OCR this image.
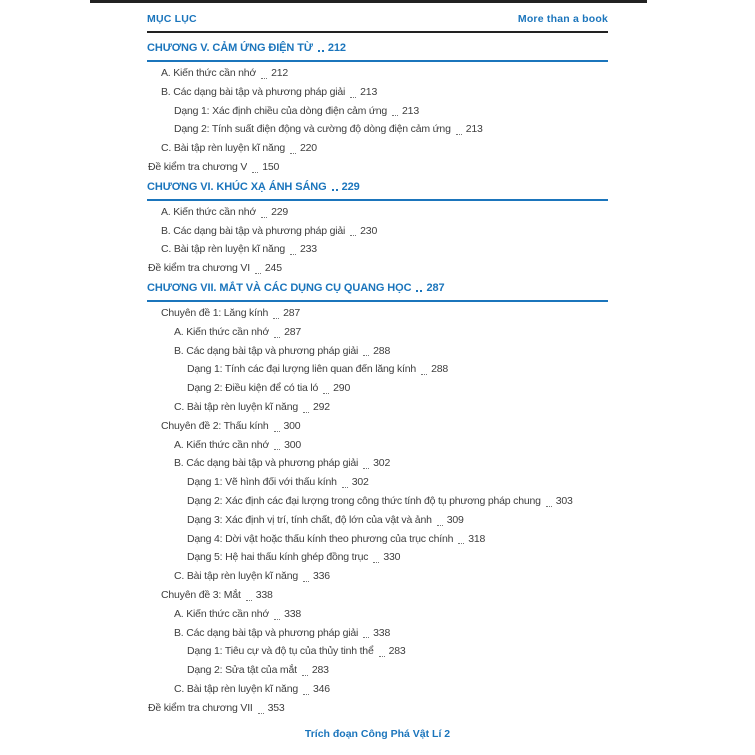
MỤC LỤC	More than a book
CHƯƠNG V. CẢM ỨNG ĐIỆN TỪ 212
A. Kiến thức cần nhớ 212
B. Các dạng bài tập và phương pháp giải 213
Dạng 1: Xác định chiều của dòng điện cảm ứng 213
Dạng 2: Tính suất điện động và cường độ dòng điện cảm ứng 213
C. Bài tập rèn luyện kĩ năng 220
Đề kiểm tra chương V 150
CHƯƠNG VI. KHÚC XẠ ÁNH SÁNG 229
A. Kiến thức cần nhớ 229
B. Các dạng bài tập và phương pháp giải 230
C. Bài tập rèn luyện kĩ năng 233
Đề kiểm tra chương VI 245
CHƯƠNG VII. MẮT VÀ CÁC DỤNG CỤ QUANG HỌC 287
Chuyên đề 1: Lăng kính 287
A. Kiến thức cần nhớ 287
B. Các dạng bài tập và phương pháp giải 288
Dạng 1: Tính các đại lượng liên quan đến lăng kính 288
Dạng 2: Điều kiện để có tia ló 290
C. Bài tập rèn luyện kĩ năng 292
Chuyên đề 2: Thấu kính 300
A. Kiến thức cần nhớ 300
B. Các dạng bài tập và phương pháp giải 302
Dạng 1: Vẽ hình đối với thấu kính 302
Dạng 2: Xác định các đại lượng trong công thức tính độ tụ phương pháp chung 303
Dạng 3: Xác định vị trí, tính chất, độ lớn của vật và ảnh 309
Dạng 4: Dời vật hoặc thấu kính theo phương của trục chính 318
Dạng 5: Hệ hai thấu kính ghép đồng trục 330
C. Bài tập rèn luyện kĩ năng 336
Chuyên đề 3: Mắt 338
A. Kiến thức cần nhớ 338
B. Các dạng bài tập và phương pháp giải 338
Dạng 1: Tiêu cự và độ tụ của thủy tinh thể 283
Dạng 2: Sửa tật của mắt 283
C. Bài tập rèn luyện kĩ năng 346
Đề kiểm tra chương VII 353
Trích đoạn Công Phá Vật Lí 2
